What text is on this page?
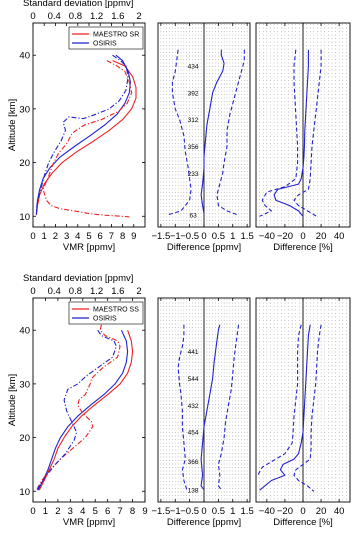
0 1 2 3 4 5 6 7 8 9
VMR [ppmv]
10
20
30
40
Altitude [km]
0 0.4 0.8 1.2 1.6 2
Standard deviation [ppmv]
MAESTRO SR
OSIRIS
−1.5 −1 −0.5 0 0.5 1 1.5
Difference [ppmv]
434
392
312
356
233
63
−40 −20 0 20 40
Difference [%]
0 1 2 3 4 5 6 7 8 9
VMR [ppmv]
10
20
30
40
Altitude [km]
0 0.4 0.8 1.2 1.6 2
Standard deviation [ppmv]
MAESTRO SS
OSIRIS
−1.5 −1 −0.5 0 0.5 1 1.5
Difference [ppmv]
441
544
432
454
366
138
−40 −20 0 20 40
Difference [%]
